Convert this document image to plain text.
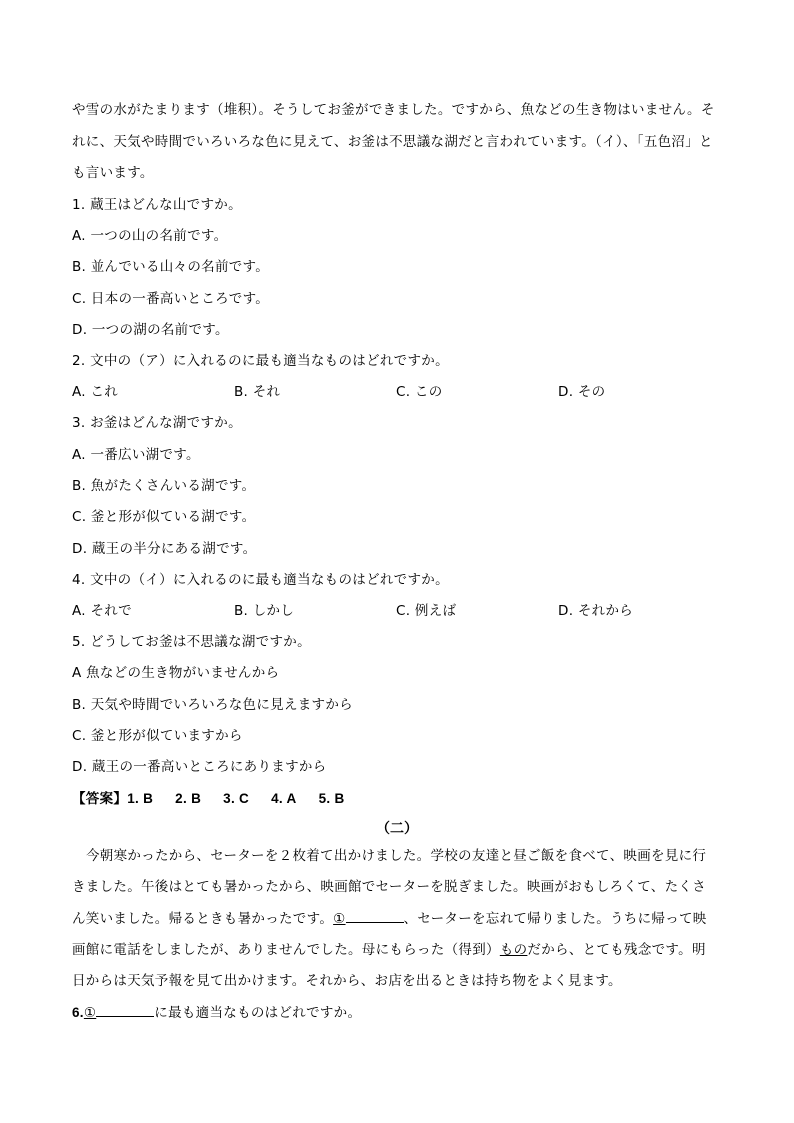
や雪の水がたまります（堆积）。そうしてお釜ができました。ですから、魚などの生き物はいません。そ
れに、天気や時間でいろいろな色に見えて、お釜は不思議な湖だと言われています。（イ）、「五色沼」と
も言います。
1. 蔵王はどんな山ですか。
A. 一つの山の名前です。
B. 並んでいる山々の名前です。
C. 日本の一番高いところです。
D. 一つの湖の名前です。
2. 文中の（ア）に入れるのに最も適当なものはどれですか。
A. これ	B. それ	C. この	D. その
3. お釜はどんな湖ですか。
A. 一番広い湖です。
B. 魚がたくさんいる湖です。
C. 釜と形が似ている湖です。
D. 蔵王の半分にある湖です。
4. 文中の（イ）に入れるのに最も適当なものはどれですか。
A. それで	B. しかし	C. 例えば	D. それから
5. どうしてお釜は不思議な湖ですか。
A 魚などの生き物がいませんから
B. 天気や時間でいろいろな色に見えますから
C. 釜と形が似ていますから
D. 蔵王の一番高いところにありますから
【答案】1. B 2. B 3. C 4. A 5. B
（二）
今朝寒かったから、セーターを２枚着て出かけました。学校の友達と昼ご飯を食べて、映画を見に行
きました。午後はとても暑かったから、映画館でセーターを脱ぎました。映画がおもしろくて、たくさ
ん笑いました。帰るときも暑かったです。①	、セーターを忘れて帰りました。うちに帰って映
画館に電話をしましたが、ありませんでした。母にもらった（得到）ものだから、とても残念です。明
日からは天気予報を見て出かけます。それから、お店を出るときは持ち物をよく見ます。
6.①	に最も適当なものはどれですか。
